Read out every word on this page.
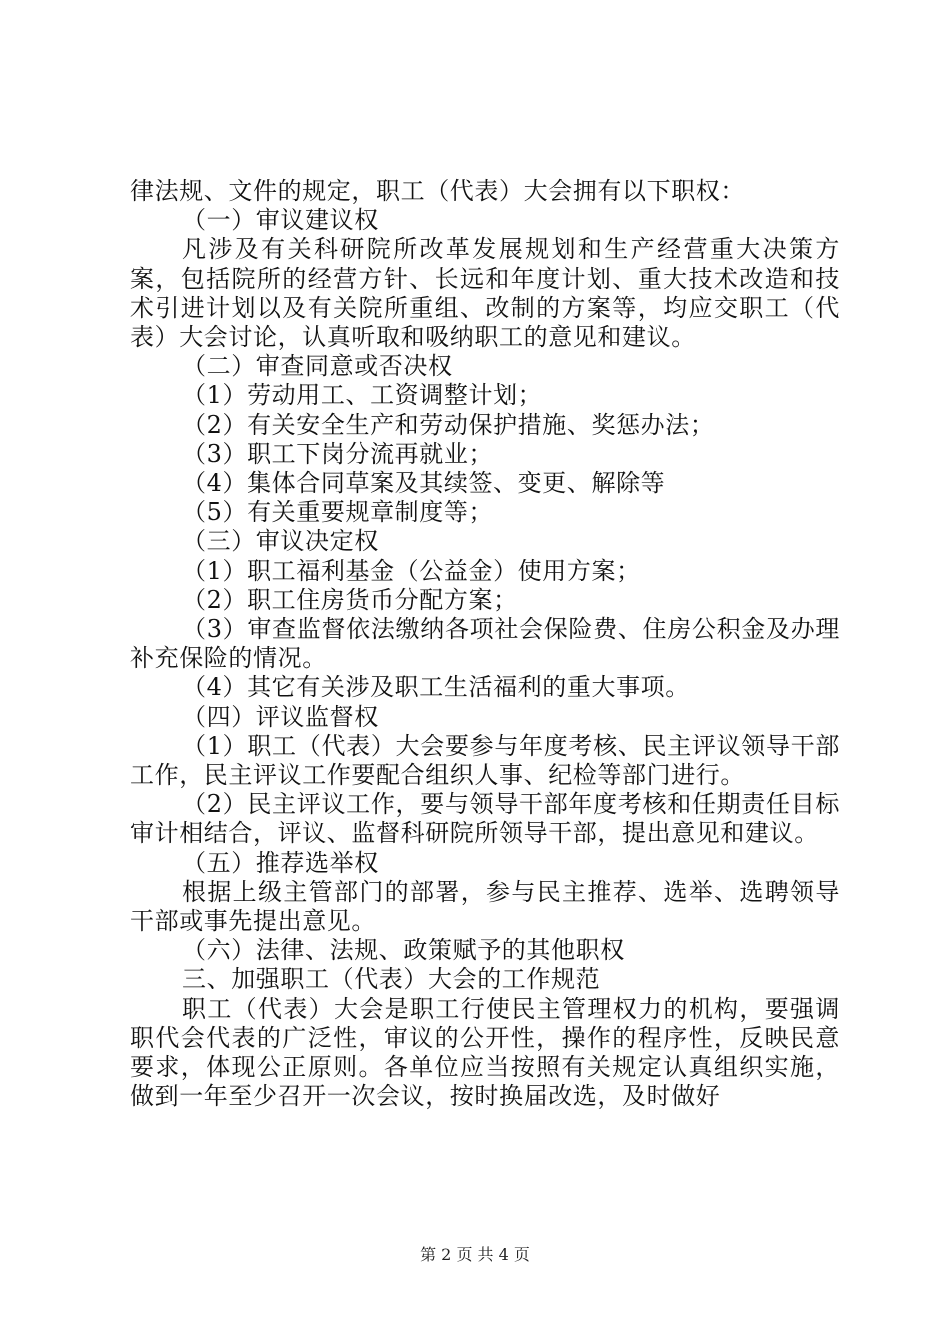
律法规、文件的规定，职工（代表）大会拥有以下职权：

（一）审议建议权

凡涉及有关科研院所改革发展规划和生产经营重大决策方案，包括院所的经营方针、长远和年度计划、重大技术改造和技术引进计划以及有关院所重组、改制的方案等，均应交职工（代表）大会讨论，认真听取和吸纳职工的意见和建议。

（二）审查同意或否决权

（1）劳动用工、工资调整计划；

（2）有关安全生产和劳动保护措施、奖惩办法；

（3）职工下岗分流再就业；

（4）集体合同草案及其续签、变更、解除等

（5）有关重要规章制度等；

（三）审议决定权

（1）职工福利基金（公益金）使用方案；

（2）职工住房货币分配方案；

（3）审查监督依法缴纳各项社会保险费、住房公积金及办理补充保险的情况。

（4）其它有关涉及职工生活福利的重大事项。

（四）评议监督权

（1）职工（代表）大会要参与年度考核、民主评议领导干部工作，民主评议工作要配合组织人事、纪检等部门进行。

（2）民主评议工作，要与领导干部年度考核和任期责任目标审计相结合，评议、监督科研院所领导干部，提出意见和建议。

（五）推荐选举权

根据上级主管部门的部署，参与民主推荐、选举、选聘领导干部或事先提出意见。

（六）法律、法规、政策赋予的其他职权

三、加强职工（代表）大会的工作规范

职工（代表）大会是职工行使民主管理权力的机构，要强调职代会代表的广泛性，审议的公开性，操作的程序性，反映民意要求，体现公正原则。各单位应当按照有关规定认真组织实施，做到一年至少召开一次会议，按时换届改选，及时做好

第 2 页 共 4 页
